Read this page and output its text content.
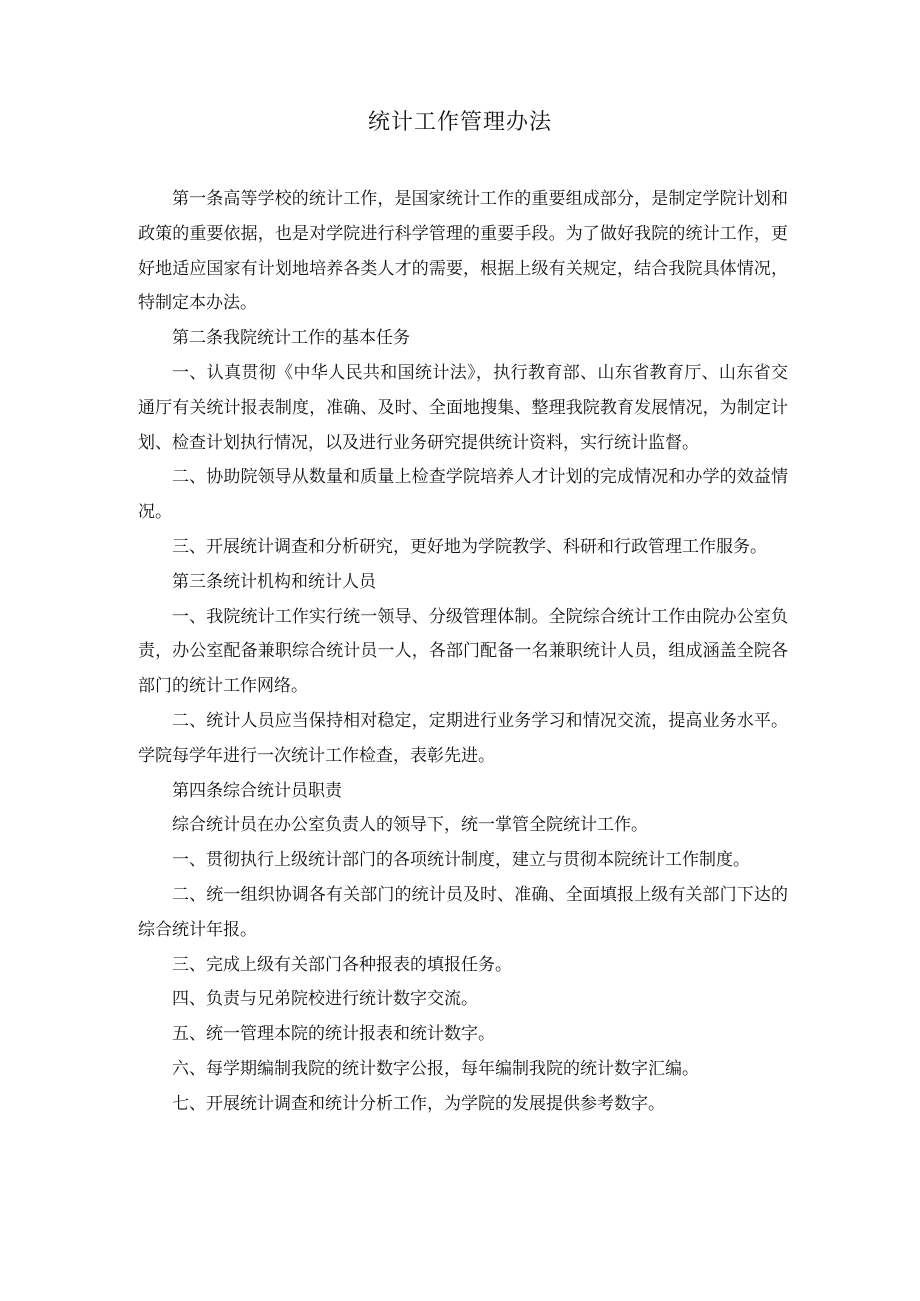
统计工作管理办法

第一条高等学校的统计工作，是国家统计工作的重要组成部分，是制定学院计划和政策的重要依据，也是对学院进行科学管理的重要手段。为了做好我院的统计工作，更好地适应国家有计划地培养各类人才的需要，根据上级有关规定，结合我院具体情况，特制定本办法。

第二条我院统计工作的基本任务

一、认真贯彻《中华人民共和国统计法》，执行教育部、山东省教育厅、山东省交通厅有关统计报表制度，准确、及时、全面地搜集、整理我院教育发展情况，为制定计划、检查计划执行情况，以及进行业务研究提供统计资料，实行统计监督。

二、协助院领导从数量和质量上检查学院培养人才计划的完成情况和办学的效益情况。

三、开展统计调查和分析研究，更好地为学院教学、科研和行政管理工作服务。

第三条统计机构和统计人员

一、我院统计工作实行统一领导、分级管理体制。全院综合统计工作由院办公室负责，办公室配备兼职综合统计员一人，各部门配备一名兼职统计人员，组成涵盖全院各部门的统计工作网络。

二、统计人员应当保持相对稳定，定期进行业务学习和情况交流，提高业务水平。学院每学年进行一次统计工作检查，表彰先进。

第四条综合统计员职责

综合统计员在办公室负责人的领导下，统一掌管全院统计工作。

一、贯彻执行上级统计部门的各项统计制度，建立与贯彻本院统计工作制度。

二、统一组织协调各有关部门的统计员及时、准确、全面填报上级有关部门下达的综合统计年报。

三、完成上级有关部门各种报表的填报任务。

四、负责与兄弟院校进行统计数字交流。

五、统一管理本院的统计报表和统计数字。

六、每学期编制我院的统计数字公报，每年编制我院的统计数字汇编。

七、开展统计调查和统计分析工作，为学院的发展提供参考数字。
